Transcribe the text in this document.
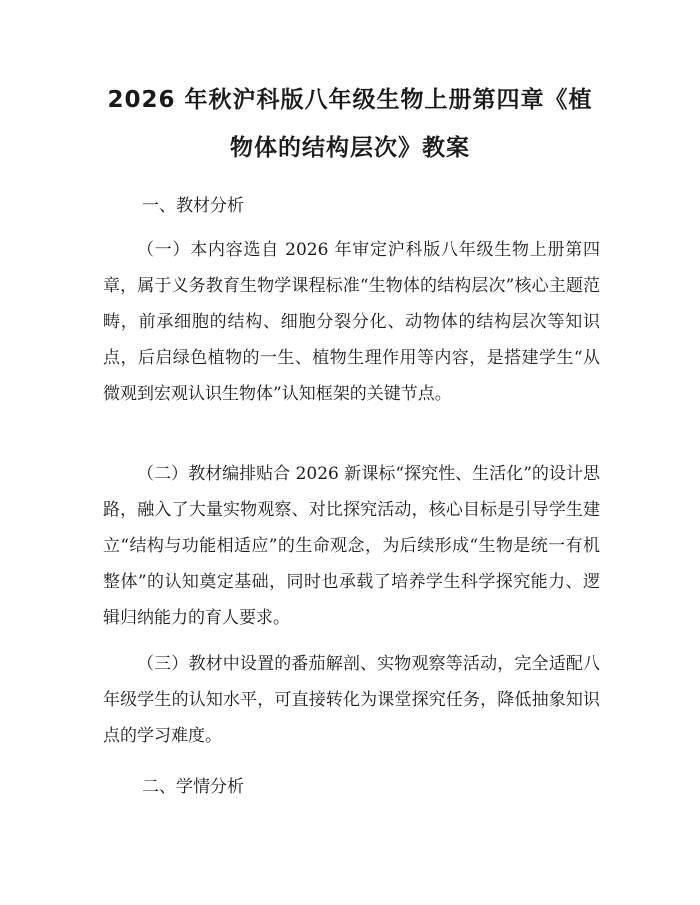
2026 年秋沪科版八年级生物上册第四章《植物体的结构层次》教案
一、教材分析

（一）本内容选自 2026 年审定沪科版八年级生物上册第四章，属于义务教育生物学课程标准“生物体的结构层次”核心主题范畴，前承细胞的结构、细胞分裂分化、动物体的结构层次等知识点，后启绿色植物的一生、植物生理作用等内容，是搭建学生“从微观到宏观认识生物体”认知框架的关键节点。

（二）教材编排贴合 2026 新课标“探究性、生活化”的设计思路，融入了大量实物观察、对比探究活动，核心目标是引导学生建立“结构与功能相适应”的生命观念，为后续形成“生物是统一有机整体”的认知奠定基础，同时也承载了培养学生科学探究能力、逻辑归纳能力的育人要求。

（三）教材中设置的番茄解剖、实物观察等活动，完全适配八年级学生的认知水平，可直接转化为课堂探究任务，降低抽象知识点的学习难度。

二、学情分析
